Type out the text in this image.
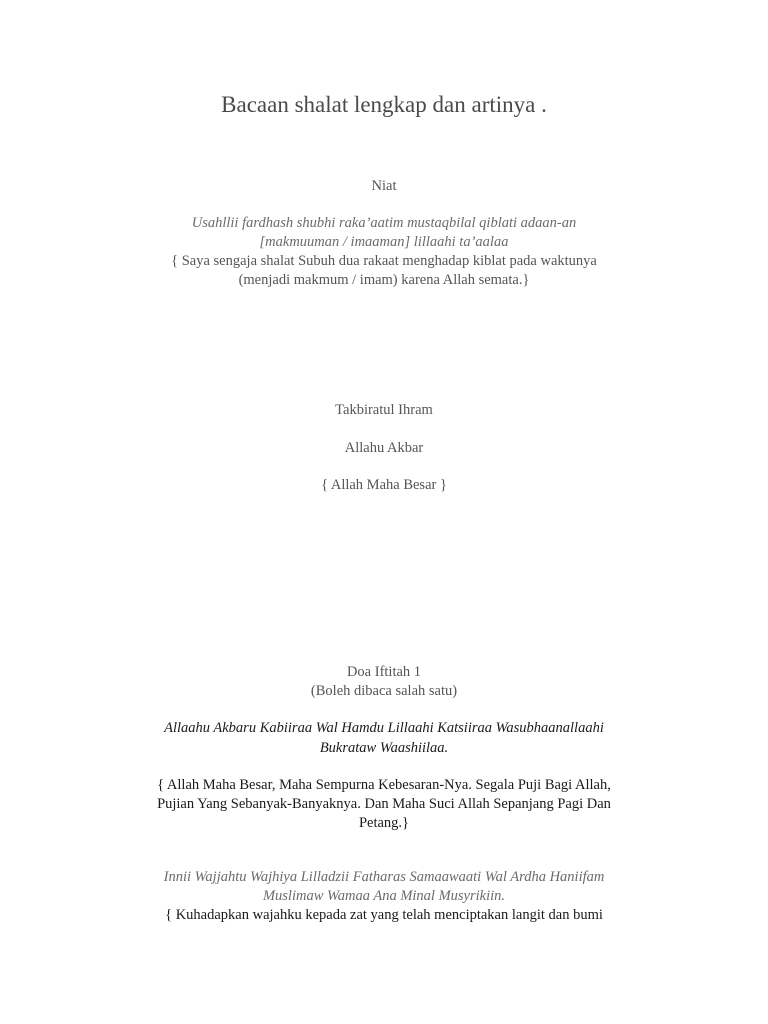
Bacaan shalat lengkap dan artinya .
Niat
Usahllii fardhash shubhi raka’aatim mustaqbilal qiblati adaan-an
[makmuuman / imaaman] lillaahi ta’aalaa
{ Saya sengaja shalat Subuh dua rakaat menghadap kiblat pada waktunya
(menjadi makmum / imam) karena Allah semata.}
Takbiratul Ihram
Allahu Akbar
{ Allah Maha Besar }
Doa Iftitah 1
(Boleh dibaca salah satu)
Allaahu Akbaru Kabiiraa Wal Hamdu Lillaahi Katsiiraa Wasubhaanallaahi
Bukrataw Waashiilaa.
{ Allah Maha Besar, Maha Sempurna Kebesaran-Nya. Segala Puji Bagi Allah,
Pujian Yang Sebanyak-Banyaknya. Dan Maha Suci Allah Sepanjang Pagi Dan
Petang.}
Innii Wajjahtu Wajhiya Lilladzii Fatharas Samaawaati Wal Ardha Haniifam
Muslimaw Wamaa Ana Minal Musyrikiin.
{ Kuhadapkan wajahku kepada zat yang telah menciptakan langit dan bumi
